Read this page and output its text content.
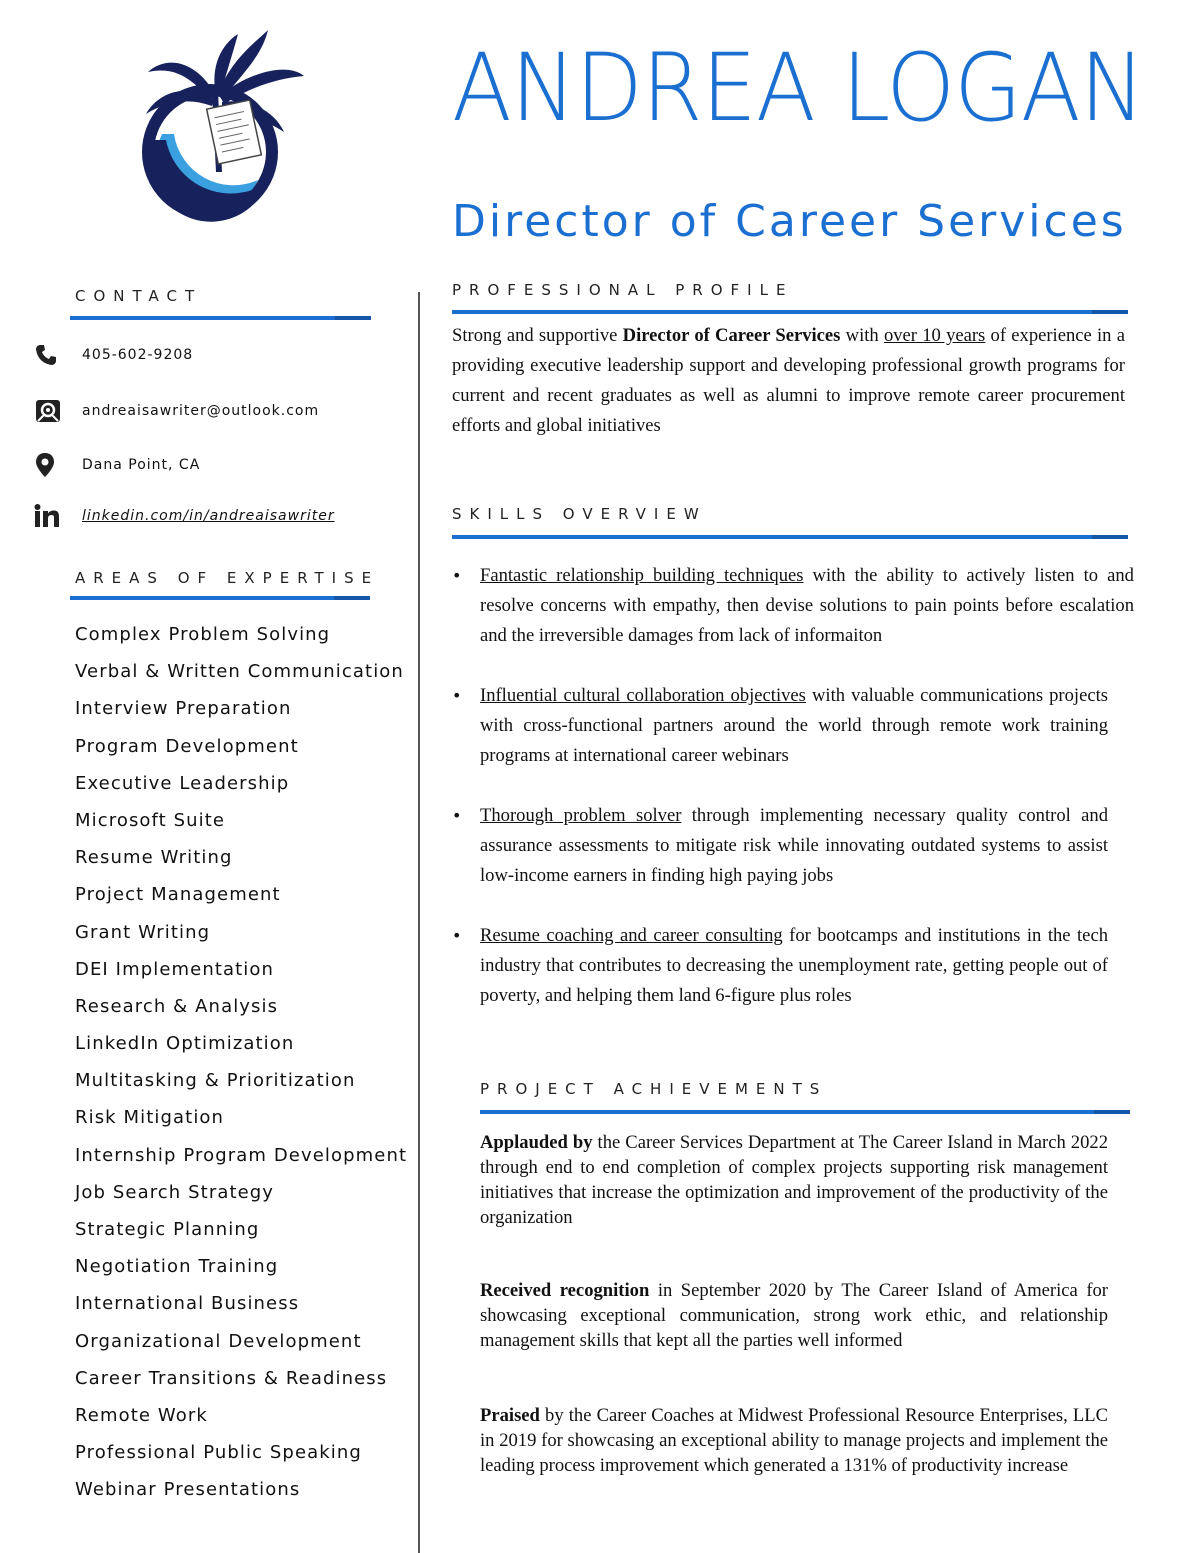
ANDREA LOGAN
Director of Career Services
CONTACT
405-602-9208
andreaisawriter@outlook.com
Dana Point, CA
linkedin.com/in/andreaisawriter
AREAS OF EXPERTISE
Complex Problem Solving
Verbal & Written Communication
Interview Preparation
Program Development
Executive Leadership
Microsoft Suite
Resume Writing
Project Management
Grant Writing
DEI Implementation
Research & Analysis
LinkedIn Optimization
Multitasking & Prioritization
Risk Mitigation
Internship Program Development
Job Search Strategy
Strategic Planning
Negotiation Training
International Business
Organizational Development
Career Transitions & Readiness
Remote Work
Professional Public Speaking
Webinar Presentations
PROFESSIONAL PROFILE

Strong and supportive Director of Career Services with over 10 years of experience in a providing executive leadership support and developing professional growth programs for current and recent graduates as well as alumni to improve remote career procurement efforts and global initiatives

SKILLS OVERVIEW
• Fantastic relationship building techniques with the ability to actively listen to and resolve concerns with empathy, then devise solutions to pain points before escalation and the irreversible damages from lack of informaiton

• Influential cultural collaboration objectives with valuable communications projects with cross-functional partners around the world through remote work training programs at international career webinars

• Thorough problem solver through implementing necessary quality control and assurance assessments to mitigate risk while innovating outdated systems to assist low-income earners in finding high paying jobs

• Resume coaching and career consulting for bootcamps and institutions in the tech industry that contributes to decreasing the unemployment rate, getting people out of poverty, and helping them land 6-figure plus roles

PROJECT ACHIEVEMENTS

Applauded by the Career Services Department at The Career Island in March 2022 through end to end completion of complex projects supporting risk management initiatives that increase the optimization and improvement of the productivity of the organization

Received recognition in September 2020 by The Career Island of America for showcasing exceptional communication, strong work ethic, and relationship management skills that kept all the parties well informed

Praised by the Career Coaches at Midwest Professional Resource Enterprises, LLC in 2019 for showcasing an exceptional ability to manage projects and implement the leading process improvement which generated a 131% of productivity increase
